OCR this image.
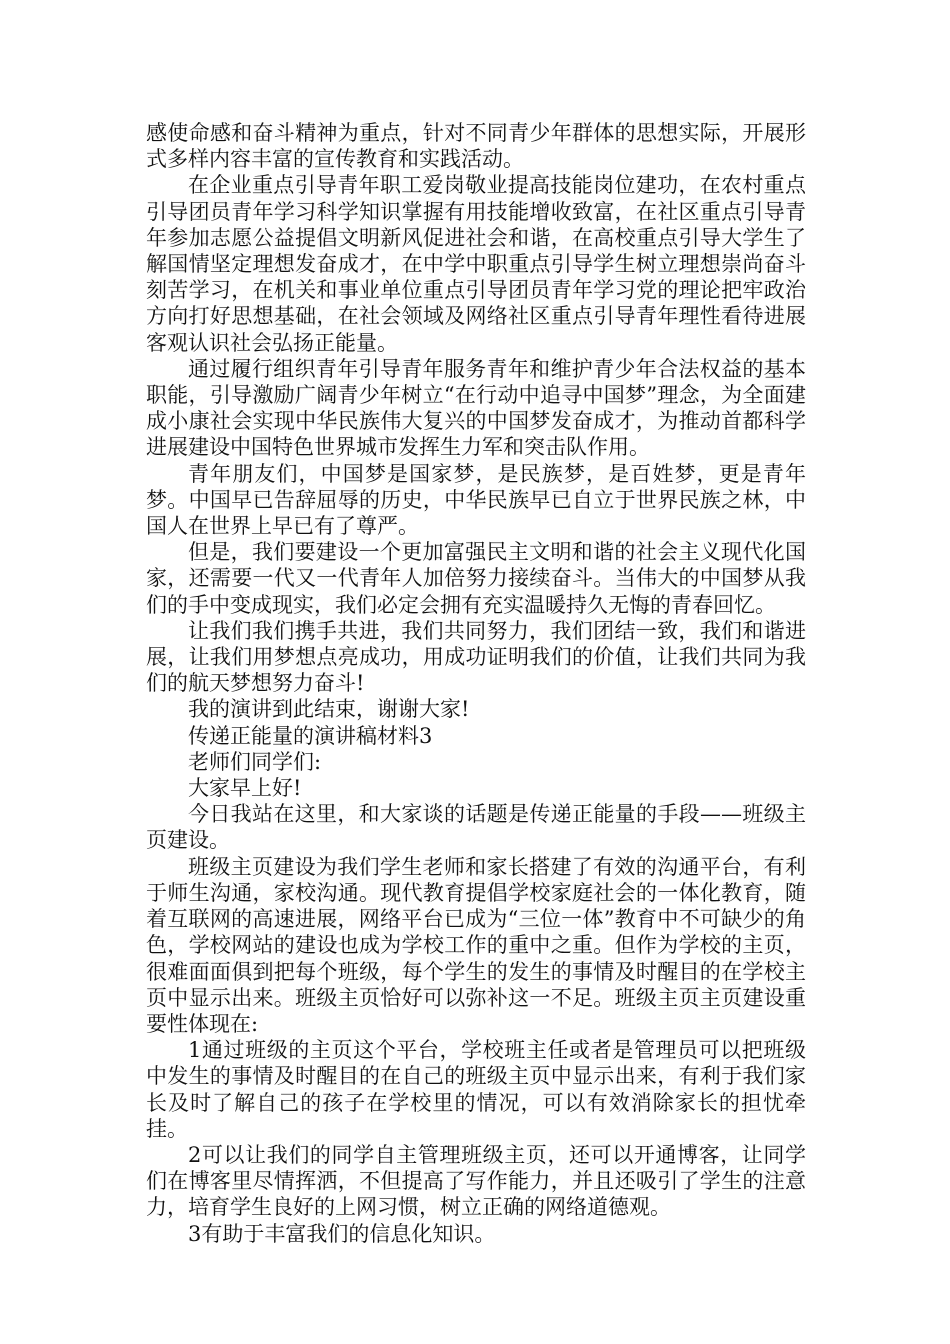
感使命感和奋斗精神为重点，针对不同青少年群体的思想实际，开展形式多样内容丰富的宣传教育和实践活动。

在企业重点引导青年职工爱岗敬业提高技能岗位建功，在农村重点引导团员青年学习科学知识掌握有用技能增收致富，在社区重点引导青年参加志愿公益提倡文明新风促进社会和谐，在高校重点引导大学生了解国情坚定理想发奋成才，在中学中职重点引导学生树立理想崇尚奋斗刻苦学习，在机关和事业单位重点引导团员青年学习党的理论把牢政治方向打好思想基础，在社会领域及网络社区重点引导青年理性看待进展客观认识社会弘扬正能量。

通过履行组织青年引导青年服务青年和维护青少年合法权益的基本职能，引导激励广阔青少年树立“在行动中追寻中国梦”理念，为全面建成小康社会实现中华民族伟大复兴的中国梦发奋成才，为推动首都科学进展建设中国特色世界城市发挥生力军和突击队作用。

青年朋友们，中国梦是国家梦，是民族梦，是百姓梦，更是青年梦。中国早已告辞屈辱的历史，中华民族早已自立于世界民族之林，中国人在世界上早已有了尊严。

但是，我们要建设一个更加富强民主文明和谐的社会主义现代化国家，还需要一代又一代青年人加倍努力接续奋斗。当伟大的中国梦从我们的手中变成现实，我们必定会拥有充实温暖持久无悔的青春回忆。

让我们我们携手共进，我们共同努力，我们团结一致，我们和谐进展，让我们用梦想点亮成功，用成功证明我们的价值，让我们共同为我们的航天梦想努力奋斗!

我的演讲到此结束，谢谢大家!

传递正能量的演讲稿材料3

老师们同学们:

大家早上好!

今日我站在这里，和大家谈的话题是传递正能量的手段——班级主页建设。

班级主页建设为我们学生老师和家长搭建了有效的沟通平台，有利于师生沟通，家校沟通。现代教育提倡学校家庭社会的一体化教育，随着互联网的高速进展，网络平台已成为“三位一体”教育中不可缺少的角色，学校网站的建设也成为学校工作的重中之重。但作为学校的主页，很难面面俱到把每个班级，每个学生的发生的事情及时醒目的在学校主页中显示出来。班级主页恰好可以弥补这一不足。班级主页主页建设重要性体现在:

1通过班级的主页这个平台，学校班主任或者是管理员可以把班级中发生的事情及时醒目的在自己的班级主页中显示出来，有利于我们家长及时了解自己的孩子在学校里的情况，可以有效消除家长的担忧牵挂。

2可以让我们的同学自主管理班级主页，还可以开通博客，让同学们在博客里尽情挥洒，不但提高了写作能力，并且还吸引了学生的注意力，培育学生良好的上网习惯，树立正确的网络道德观。

3有助于丰富我们的信息化知识。
